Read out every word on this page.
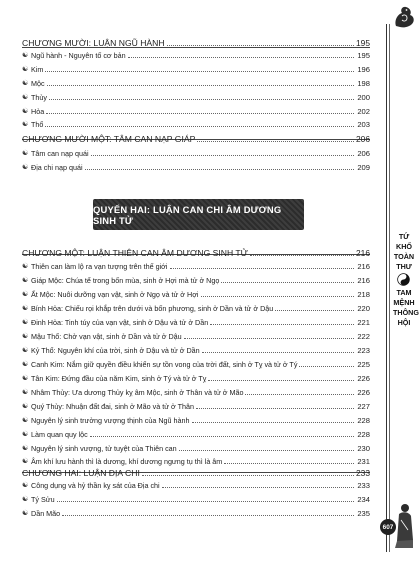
TỨ
KHỐ
TOÀN
THƯ
TAM
MỆNH
THÔNG
HỘI
607
CHƯƠNG MƯỜI: LUẬN NGŨ HÀNH	195
☯ Ngũ hành - Nguyên tố cơ bản	195
☯ Kim	196
☯ Mộc	198
☯ Thủy	200
☯ Hỏa	202
☯ Thổ	203
CHƯƠNG MƯỜI MỘT: TÂM CAN NẠP GIÁP	206
☯ Tâm can nạp quái	206
☯ Địa chi nạp quái	209
QUYỂN HAI: LUẬN CAN CHI ÂM DƯƠNG SINH TỬ
CHƯƠNG MỘT: LUẬN THIÊN CAN ÂM DƯƠNG SINH TỬ	216
☯ Thiên can làm lộ ra vạn tượng trên thế giới	216
☯ Giáp Mộc: Chúa tể trong bốn mùa, sinh ở Hợi mà tử ở Ngọ	216
☯ Ất Mộc: Nuôi dưỡng vạn vật, sinh ở Ngọ và tử ở Hợi	218
☯ Bính Hỏa: Chiếu rọi khắp trên dưới và bốn phương, sinh ở Dần và tử ở Dậu	220
☯ Đinh Hỏa: Tinh túy của vạn vật, sinh ở Dậu và tử ở Dần	221
☯ Mậu Thổ: Chở vạn vật, sinh ở Dần và tử ở Dậu	222
☯ Kỷ Thổ: Nguyên khí của trời, sinh ở Dậu và tử ở Dần	223
☯ Canh Kim: Nắm giữ quyền điều khiển sự tồn vong của trời đất, sinh ở Tỵ và tử ở Tý	225
☯ Tân Kim: Đứng đầu của năm Kim, sinh ở Tý và tử ở Tỵ	226
☯ Nhâm Thủy: Ưa dương Thủy kỵ âm Mộc, sinh ở Thân và tử ở Mão	226
☯ Quý Thủy: Nhuận đất đai, sinh ở Mão và tử ở Thân	227
☯ Nguyên lý sinh trưởng vượng thịnh của Ngũ hành	228
☯ Làm quan quy lộc	228
☯ Nguyên lý sinh vượng, tử tuyệt của Thiên can	230
☯ Âm khí lưu hành thì là dương, khí dương ngưng tụ thì là âm	231
CHƯƠNG HAI: LUẬN ĐỊA CHI	233
☯ Công dụng và hỷ thần kỵ sát của Địa chi	233
☯ Tý Sửu	234
☯ Dần Mão	235
